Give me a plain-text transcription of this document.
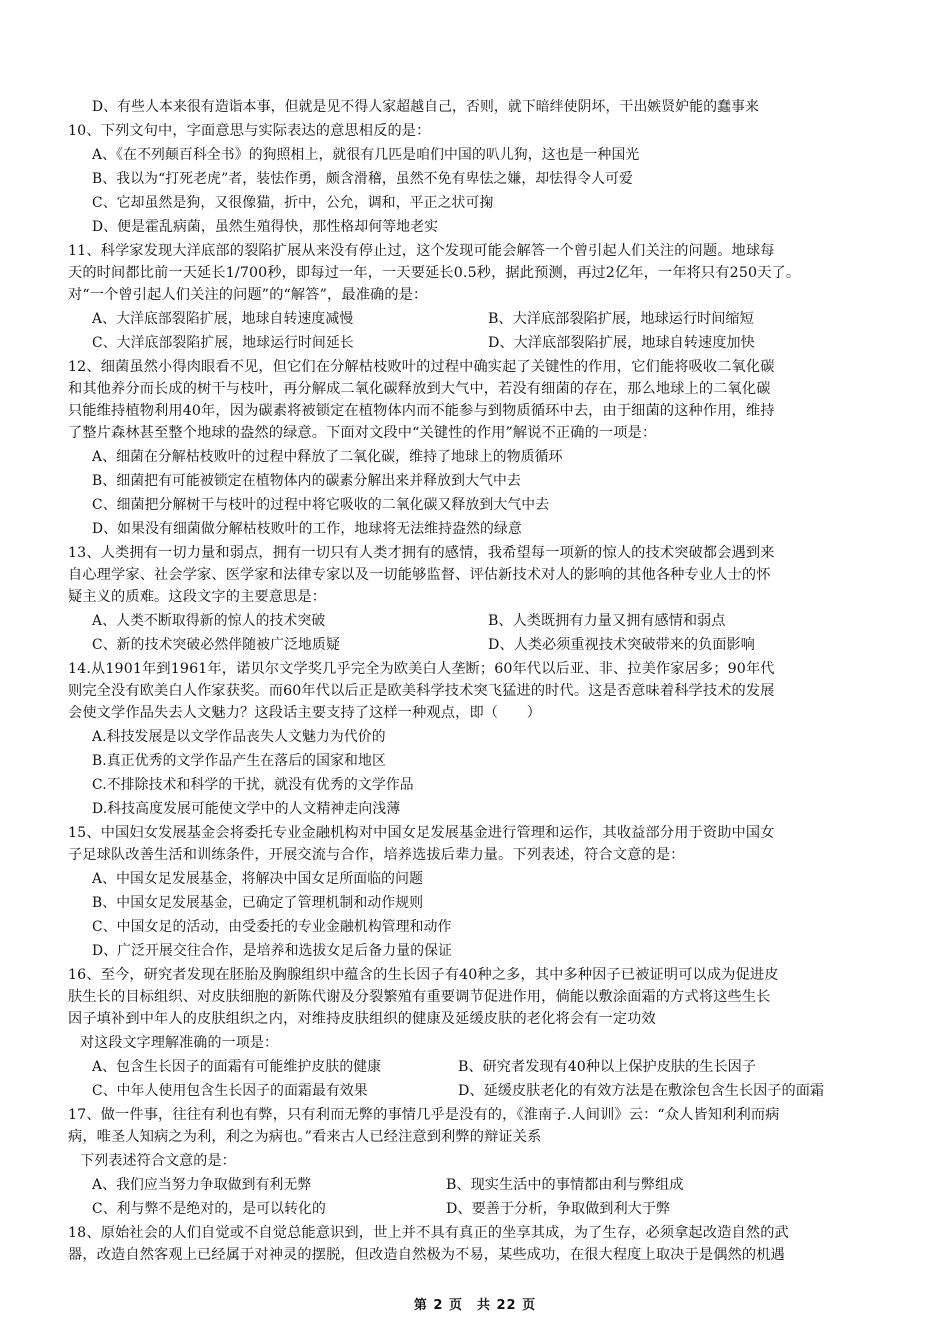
D、有些人本来很有造诣本事，但就是见不得人家超越自己，否则，就下暗绊使阴坏，干出嫉贤妒能的蠢事来
10、下列文句中，字面意思与实际表达的意思相反的是：
A、《在不列颠百科全书》的狗照相上，就很有几匹是咱们中国的叭儿狗，这也是一种国光
B、我以为“打死老虎”者，装怯作勇，颇含滑稽，虽然不免有卑怯之嫌，却怯得令人可爱
C、它却虽然是狗，又很像猫，折中，公允，调和，平正之状可掬
D、便是霍乱病菌，虽然生殖得快，那性格却何等地老实
11、科学家发现大洋底部的裂陷扩展从来没有停止过，这个发现可能会解答一个曾引起人们关注的问题。地球每
天的时间都比前一天延长1/700秒，即每过一年，一天要延长0.5秒，据此预测，再过2亿年，一年将只有250天了。
对“一个曾引起人们关注的问题”的“解答”，最准确的是：
A、大洋底部裂陷扩展，地球自转速度减慢	B、大洋底部裂陷扩展，地球运行时间缩短
C、大洋底部裂陷扩展，地球运行时间延长	D、大洋底部裂陷扩展，地球自转速度加快
12、细菌虽然小得肉眼看不见，但它们在分解枯枝败叶的过程中确实起了关键性的作用，它们能将吸收二氧化碳
和其他养分而长成的树干与枝叶，再分解成二氧化碳释放到大气中，若没有细菌的存在，那么地球上的二氧化碳
只能维持植物利用40年，因为碳素将被锁定在植物体内而不能参与到物质循环中去，由于细菌的这种作用，维持
了整片森林甚至整个地球的盎然的绿意。下面对文段中“关键性的作用”解说不正确的一项是：
A、细菌在分解枯枝败叶的过程中释放了二氧化碳，维持了地球上的物质循环
B、细菌把有可能被锁定在植物体内的碳素分解出来并释放到大气中去
C、细菌把分解树干与枝叶的过程中将它吸收的二氧化碳又释放到大气中去
D、如果没有细菌做分解枯枝败叶的工作，地球将无法维持盎然的绿意
13、人类拥有一切力量和弱点，拥有一切只有人类才拥有的感情，我希望每一项新的惊人的技术突破都会遇到来
自心理学家、社会学家、医学家和法律专家以及一切能够监督、评估新技术对人的影响的其他各种专业人士的怀
疑主义的质难。这段文字的主要意思是：
A、人类不断取得新的惊人的技术突破	B、人类既拥有力量又拥有感情和弱点
C、新的技术突破必然伴随被广泛地质疑	D、人类必须重视技术突破带来的负面影响
14.从1901年到1961年，诺贝尔文学奖几乎完全为欧美白人垄断；60年代以后亚、非、拉美作家居多；90年代
则完全没有欧美白人作家获奖。而60年代以后正是欧美科学技术突飞猛进的时代。这是否意味着科学技术的发展
会使文学作品失去人文魅力？这段话主要支持了这样一种观点，即（　　）
A.科技发展是以文学作品丧失人文魅力为代价的
B.真正优秀的文学作品产生在落后的国家和地区
C.不排除技术和科学的干扰，就没有优秀的文学作品
D.科技高度发展可能使文学中的人文精神走向浅薄
15、中国妇女发展基金会将委托专业金融机构对中国女足发展基金进行管理和运作，其收益部分用于资助中国女
子足球队改善生活和训练条件，开展交流与合作，培养选拔后辈力量。下列表述，符合文意的是：
A、中国女足发展基金，将解决中国女足所面临的问题
B、中国女足发展基金，已确定了管理机制和动作规则
C、中国女足的活动，由受委托的专业金融机构管理和动作
D、广泛开展交往合作，是培养和选拔女足后备力量的保证
16、至今，研究者发现在胚胎及胸腺组织中蕴含的生长因子有40种之多，其中多种因子已被证明可以成为促进皮
肤生长的目标组织、对皮肤细胞的新陈代谢及分裂繁殖有重要调节促进作用，倘能以敷涂面霜的方式将这些生长
因子填补到中年人的皮肤组织之内，对维持皮肤组织的健康及延缓皮肤的老化将会有一定功效
对这段文字理解准确的一项是：
A、包含生长因子的面霜有可能维护皮肤的健康	B、研究者发现有40种以上保护皮肤的生长因子
C、中年人使用包含生长因子的面霜最有效果	D、延缓皮肤老化的有效方法是在敷涂包含生长因子的面霜
17、做一件事，往往有利也有弊，只有利而无弊的事情几乎是没有的，《淮南子.人间训》云：“众人皆知利利而病
病，唯圣人知病之为利，利之为病也。”看来古人已经注意到利弊的辩证关系
下列表述符合文意的是：
A、我们应当努力争取做到有利无弊	B、现实生活中的事情都由利与弊组成
C、利与弊不是绝对的，是可以转化的	D、要善于分析，争取做到利大于弊
18、原始社会的人们自觉或不自觉总能意识到，世上并不具有真正的坐享其成，为了生存，必须拿起改造自然的武
器，改造自然客观上已经属于对神灵的摆脱，但改造自然极为不易，某些成功，在很大程度上取决于是偶然的机遇
第 2 页　共 22 页
